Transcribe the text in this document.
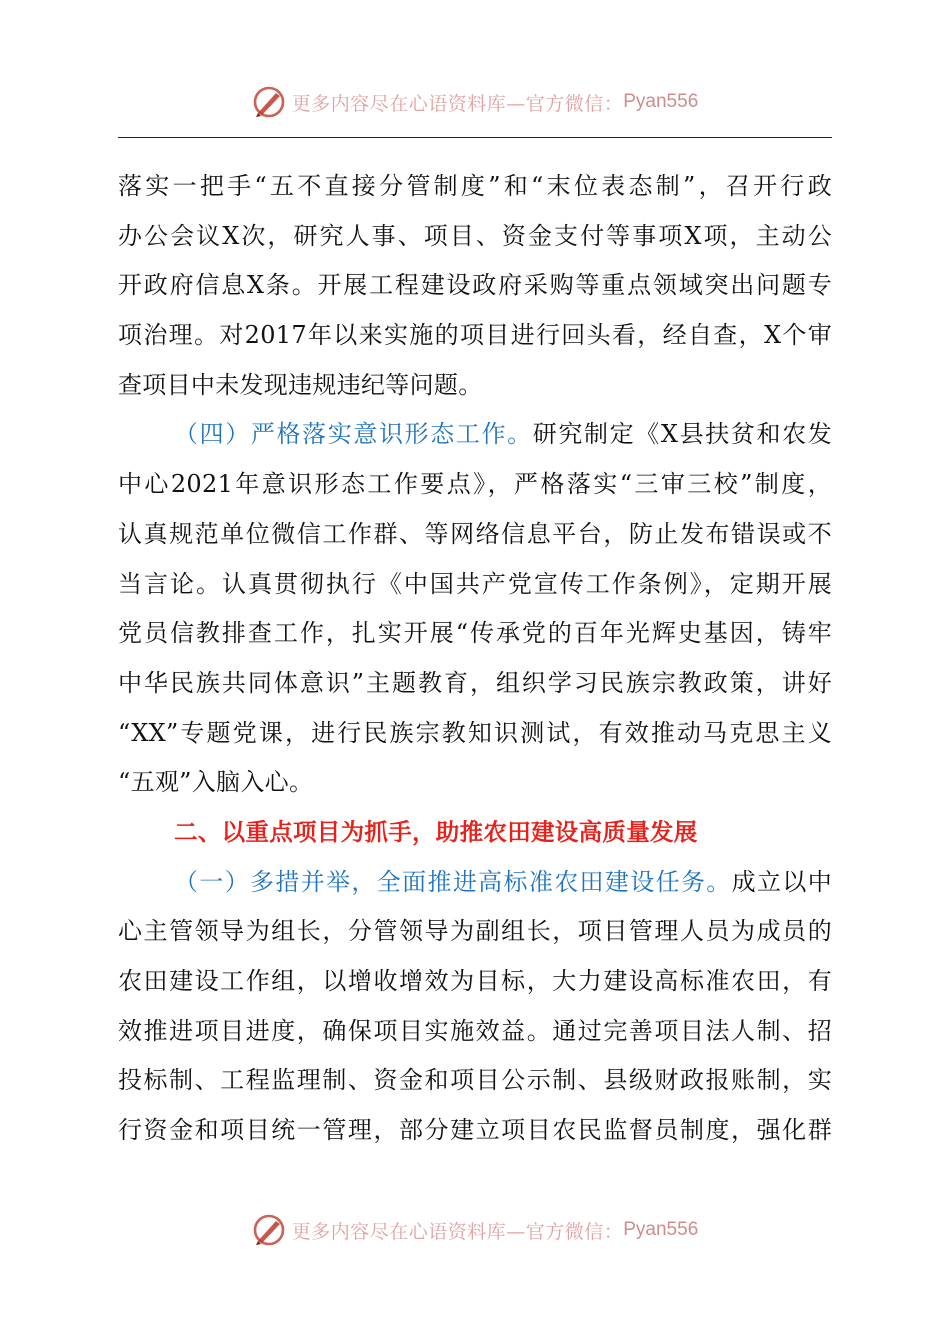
更多内容尽在心语资料库—官方微信： Pyan556
落实一把手“五不直接分管制度”和“末位表态制”，召开行政
办公会议X次，研究人事、项目、资金支付等事项X项，主动公
开政府信息X条。开展工程建设政府采购等重点领域突出问题专
项治理。对2017年以来实施的项目进行回头看，经自查，X个审
查项目中未发现违规违纪等问题。
（四）严格落实意识形态工作。研究制定《X县扶贫和农发
中心2021年意识形态工作要点》，严格落实“三审三校”制度，
认真规范单位微信工作群、等网络信息平台，防止发布错误或不
当言论。认真贯彻执行《中国共产党宣传工作条例》，定期开展
党员信教排查工作，扎实开展“传承党的百年光辉史基因，铸牢
中华民族共同体意识”主题教育，组织学习民族宗教政策，讲好
“XX”专题党课，进行民族宗教知识测试，有效推动马克思主义
“五观”入脑入心。
二、以重点项目为抓手，助推农田建设高质量发展
（一）多措并举，全面推进高标准农田建设任务。成立以中
心主管领导为组长，分管领导为副组长，项目管理人员为成员的
农田建设工作组，以增收增效为目标，大力建设高标准农田，有
效推进项目进度，确保项目实施效益。通过完善项目法人制、招
投标制、工程监理制、资金和项目公示制、县级财政报账制，实
行资金和项目统一管理，部分建立项目农民监督员制度，强化群
更多内容尽在心语资料库—官方微信： Pyan556
